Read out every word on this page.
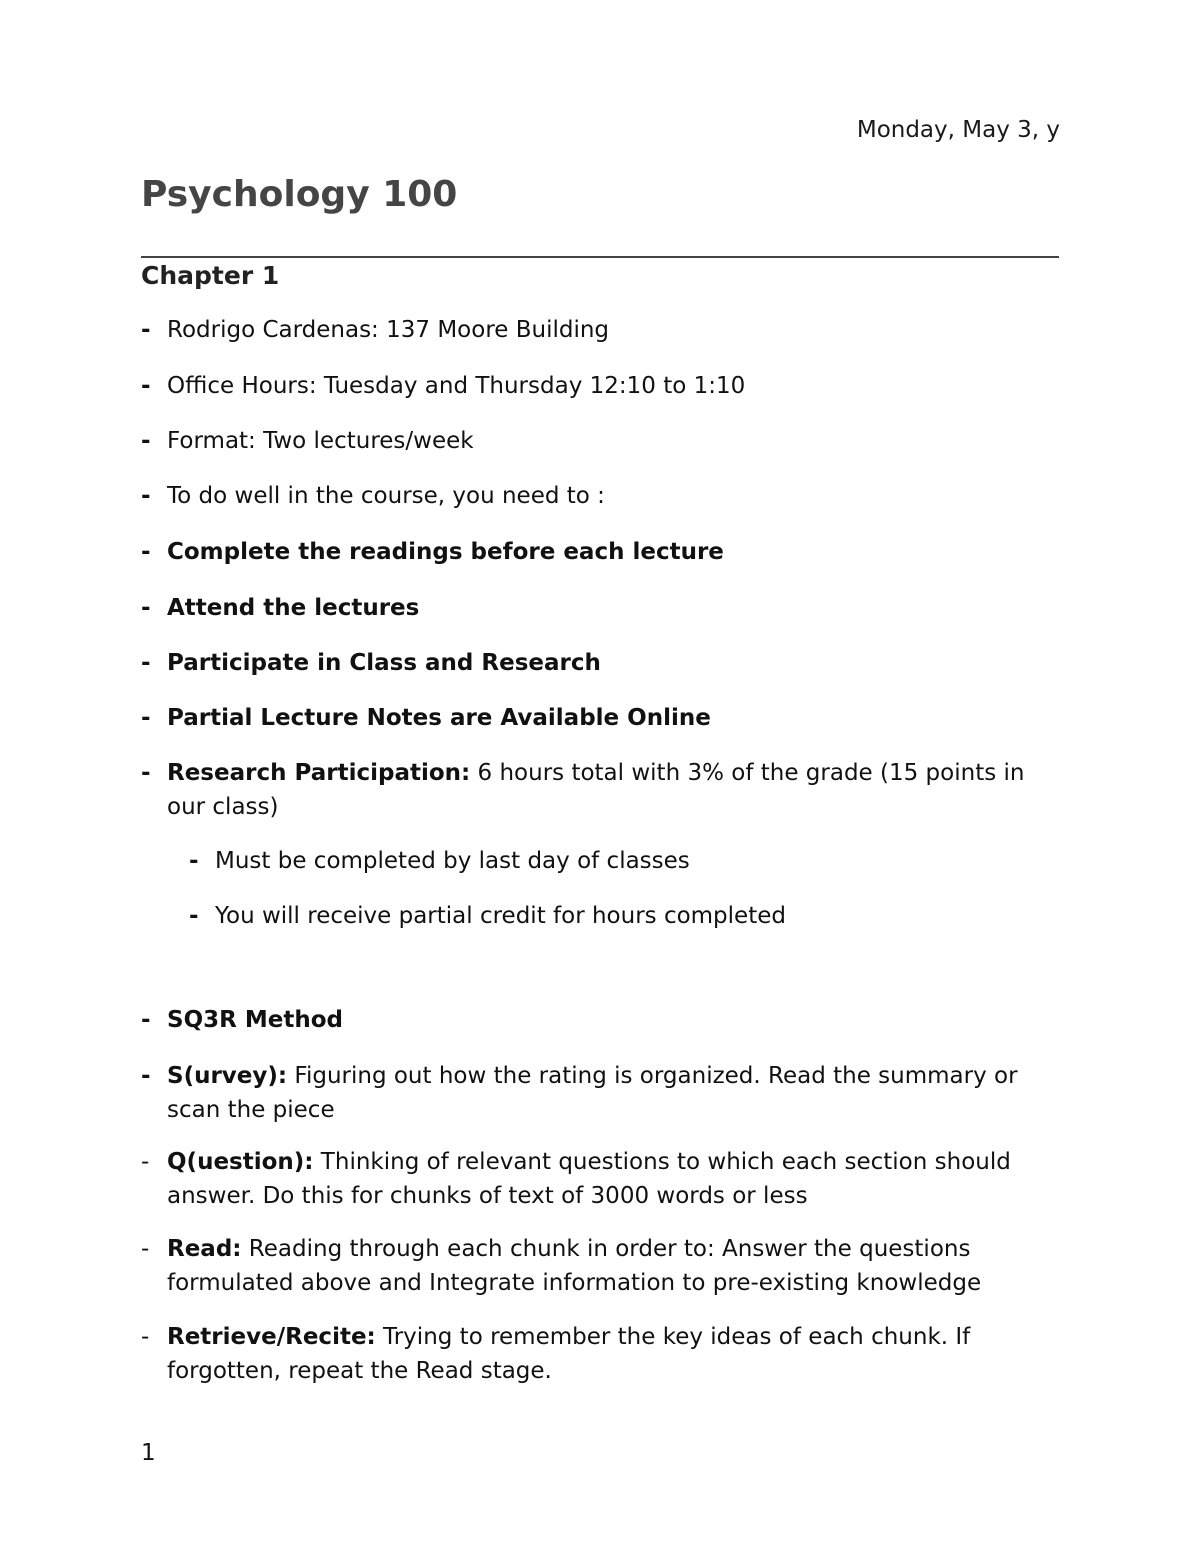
Monday, May 3, y
Psychology 100
Chapter 1
- Rodrigo Cardenas: 137 Moore Building
- Office Hours: Tuesday and Thursday 12:10 to 1:10
- Format: Two lectures/week
- To do well in the course, you need to :
- Complete the readings before each lecture
- Attend the lectures
- Participate in Class and Research
- Partial Lecture Notes are Available Online
- Research Participation: 6 hours total with 3% of the grade (15 points in our class)
- Must be completed by last day of classes
- You will receive partial credit for hours completed
- SQ3R Method
- S(urvey): Figuring out how the rating is organized. Read the summary or scan the piece
- Q(uestion): Thinking of relevant questions to which each section should answer. Do this for chunks of text of 3000 words or less
- Read: Reading through each chunk in order to: Answer the questions formulated above and Integrate information to pre-existing knowledge
- Retrieve/Recite: Trying to remember the key ideas of each chunk. If forgotten, repeat the Read stage.
1
